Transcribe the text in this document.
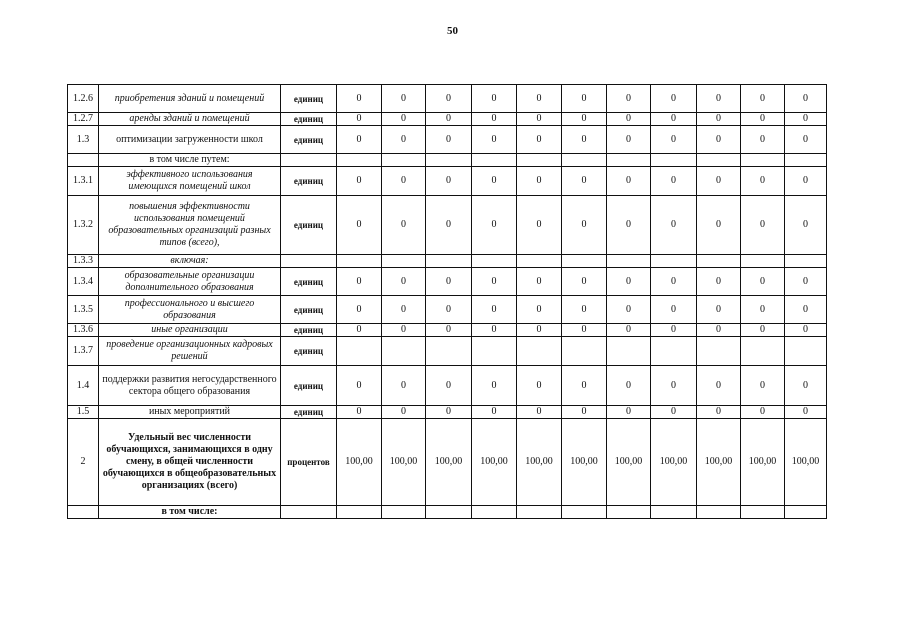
50
1.2.6	приобретения зданий и помещений	единиц	0	0	0	0	0	0	0	0	0	0	0
1.2.7	аренды зданий и помещений	единиц	0	0	0	0	0	0	0	0	0	0	0
1.3	оптимизации загруженности школ	единиц	0	0	0	0	0	0	0	0	0	0	0
	в том числе путем:												
1.3.1	эффективного использования имеющихся помещений школ	единиц	0	0	0	0	0	0	0	0	0	0	0
1.3.2	повышения эффективности использования помещений образовательных организаций разных типов (всего),	единиц	0	0	0	0	0	0	0	0	0	0	0
1.3.3	включая:												
1.3.4	образовательные организации дополнительного образования	единиц	0	0	0	0	0	0	0	0	0	0	0
1.3.5	профессионального и высшего образования	единиц	0	0	0	0	0	0	0	0	0	0	0
1.3.6	иные организации	единиц	0	0	0	0	0	0	0	0	0	0	0
1.3.7	проведение организационных кадровых решений	единиц											
1.4	поддержки развития негосударственного сектора общего образования	единиц	0	0	0	0	0	0	0	0	0	0	0
1.5	иных мероприятий	единиц	0	0	0	0	0	0	0	0	0	0	0
2	Удельный вес численности обучающихся, занимающихся в одну смену, в общей численности обучающихся в общеобразовательных организациях (всего)	процентов	100,00	100,00	100,00	100,00	100,00	100,00	100,00	100,00	100,00	100,00	100,00
	в том числе:												
